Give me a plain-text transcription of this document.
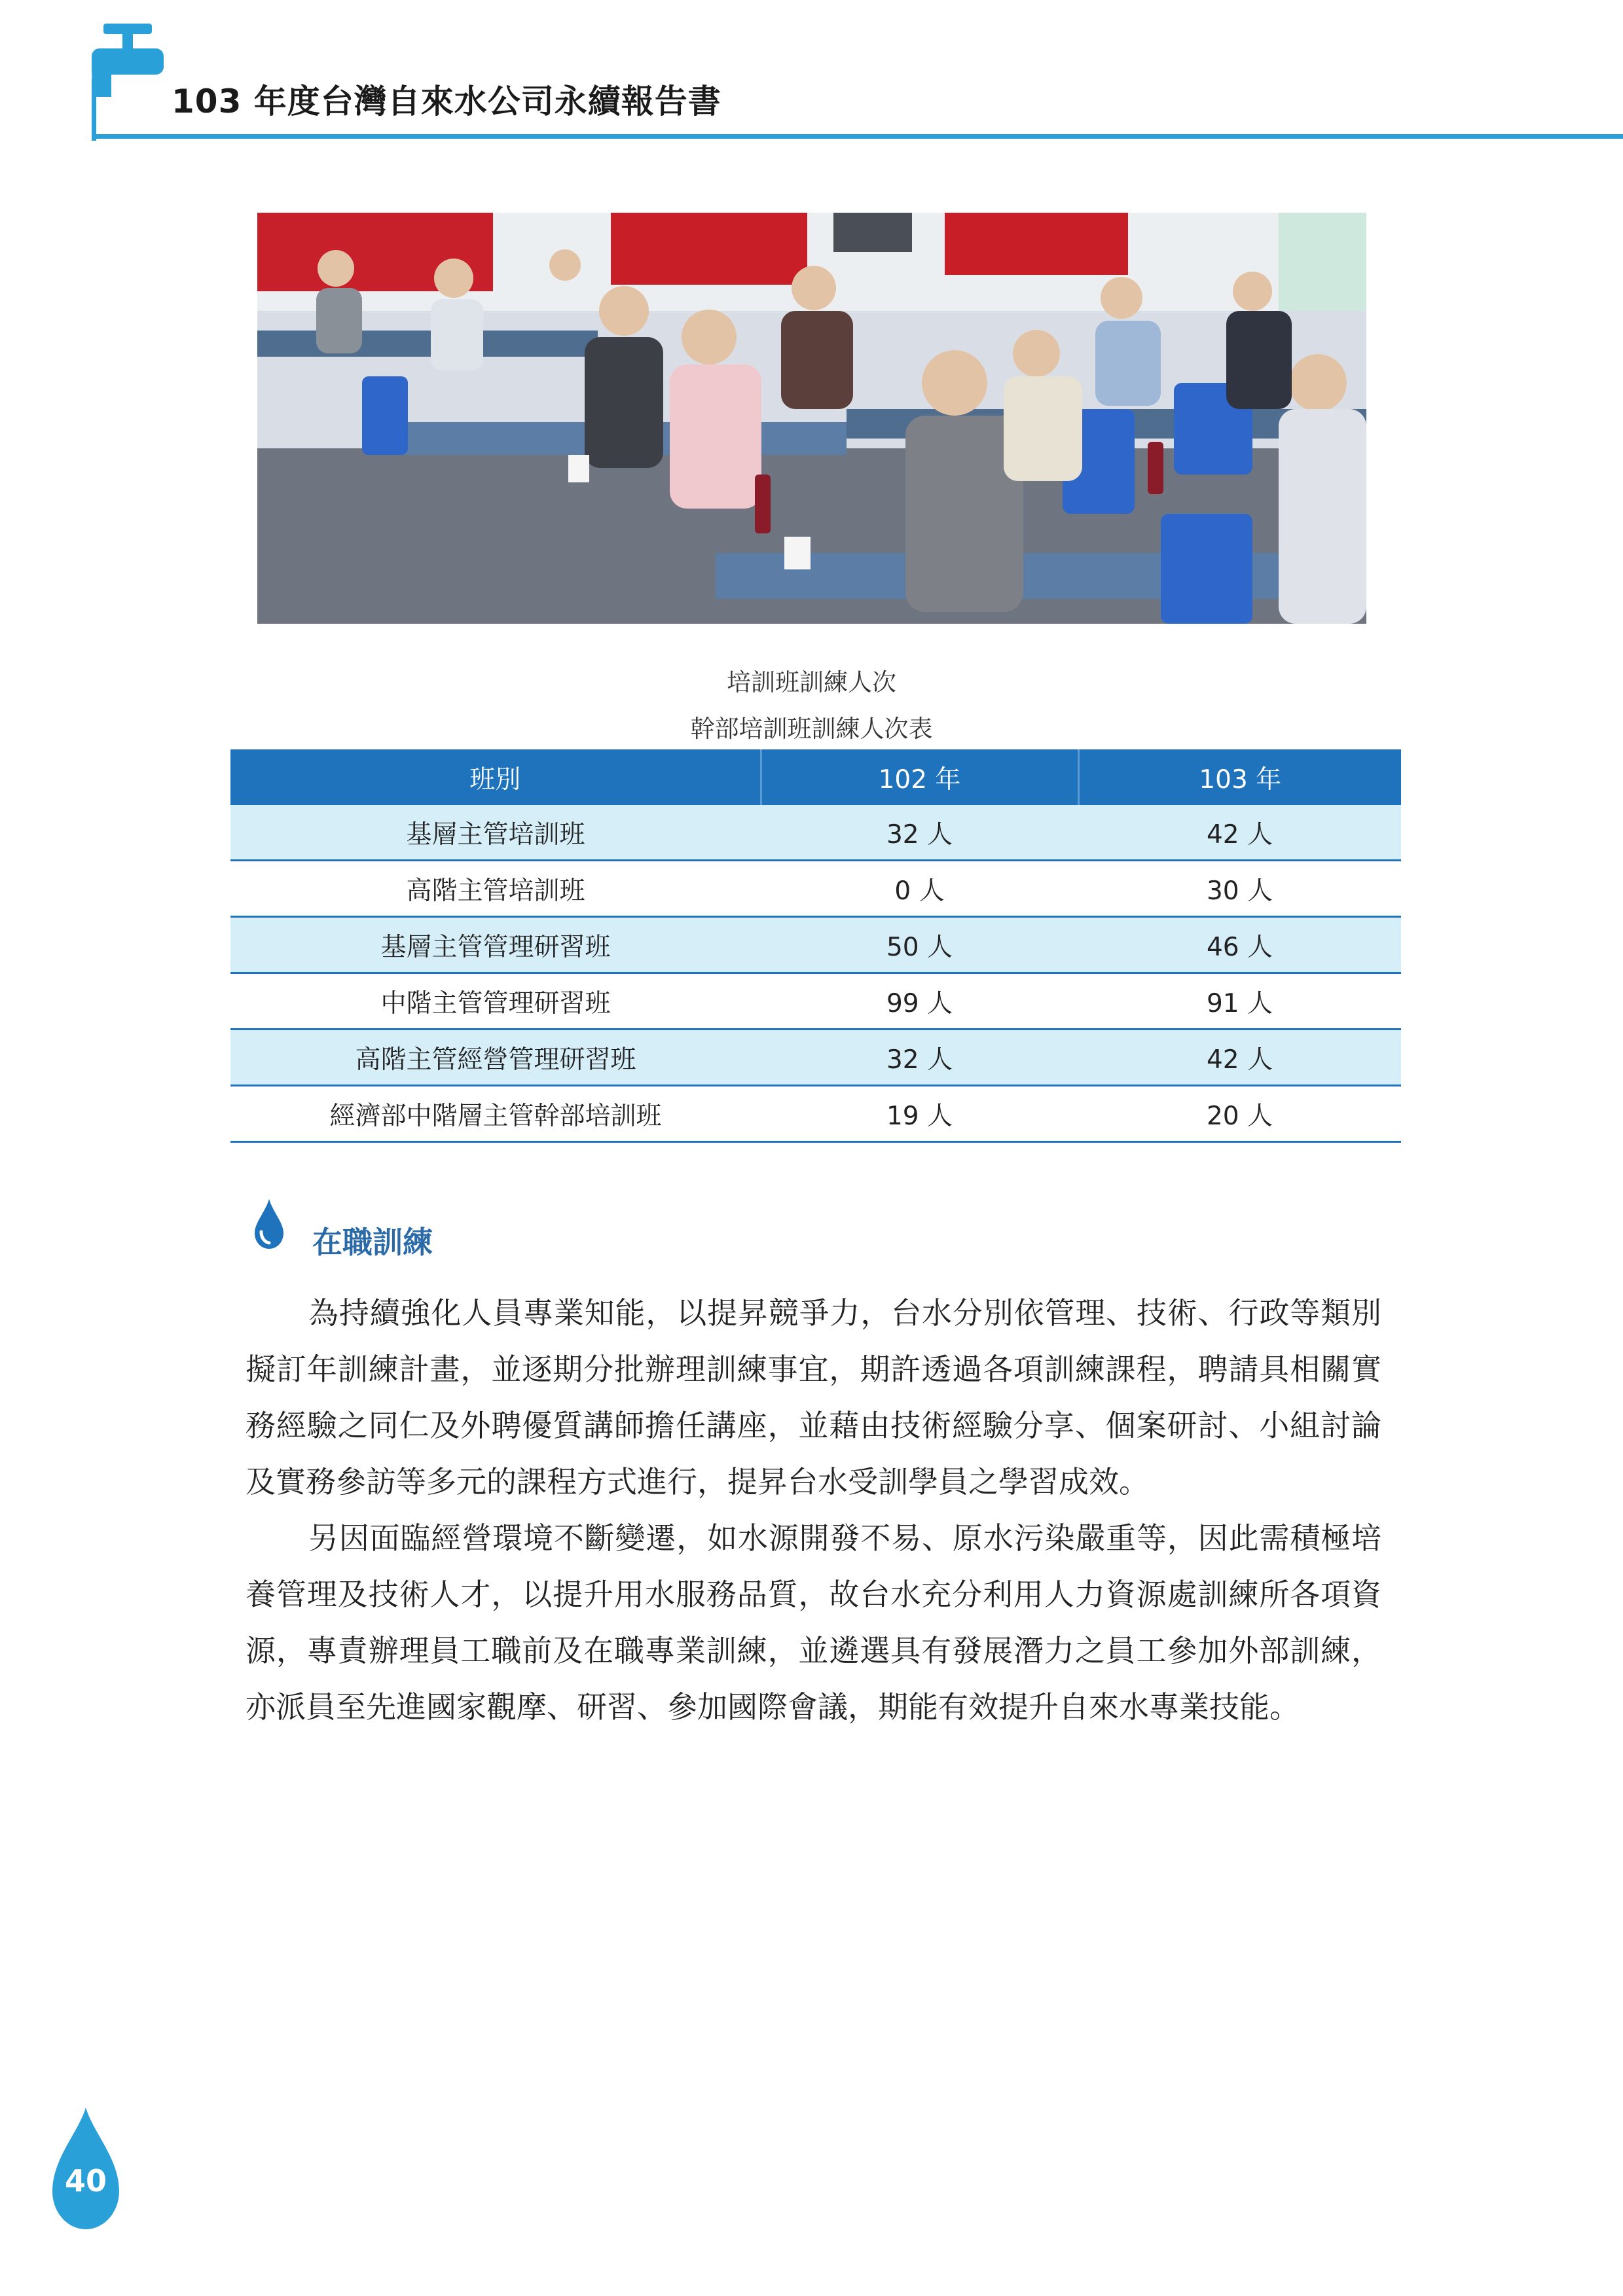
103 年度台灣自來水公司永續報告書
培訓班訓練人次
幹部培訓班訓練人次表
班別	102 年	103 年
基層主管培訓班	32 人	42 人
高階主管培訓班	0 人	30 人
基層主管管理研習班	50 人	46 人
中階主管管理研習班	99 人	91 人
高階主管經營管理研習班	32 人	42 人
經濟部中階層主管幹部培訓班	19 人	20 人
在職訓練

為持續強化人員專業知能，以提昇競爭力，台水分別依管理、技術、行政等類別擬訂年訓練計畫，並逐期分批辦理訓練事宜，期許透過各項訓練課程，聘請具相關實務經驗之同仁及外聘優質講師擔任講座，並藉由技術經驗分享、個案研討、小組討論及實務參訪等多元的課程方式進行，提昇台水受訓學員之學習成效。

另因面臨經營環境不斷變遷，如水源開發不易、原水污染嚴重等，因此需積極培養管理及技術人才，以提升用水服務品質，故台水充分利用人力資源處訓練所各項資源，專責辦理員工職前及在職專業訓練，並遴選具有發展潛力之員工參加外部訓練，亦派員至先進國家觀摩、研習、參加國際會議，期能有效提升自來水專業技能。

40
